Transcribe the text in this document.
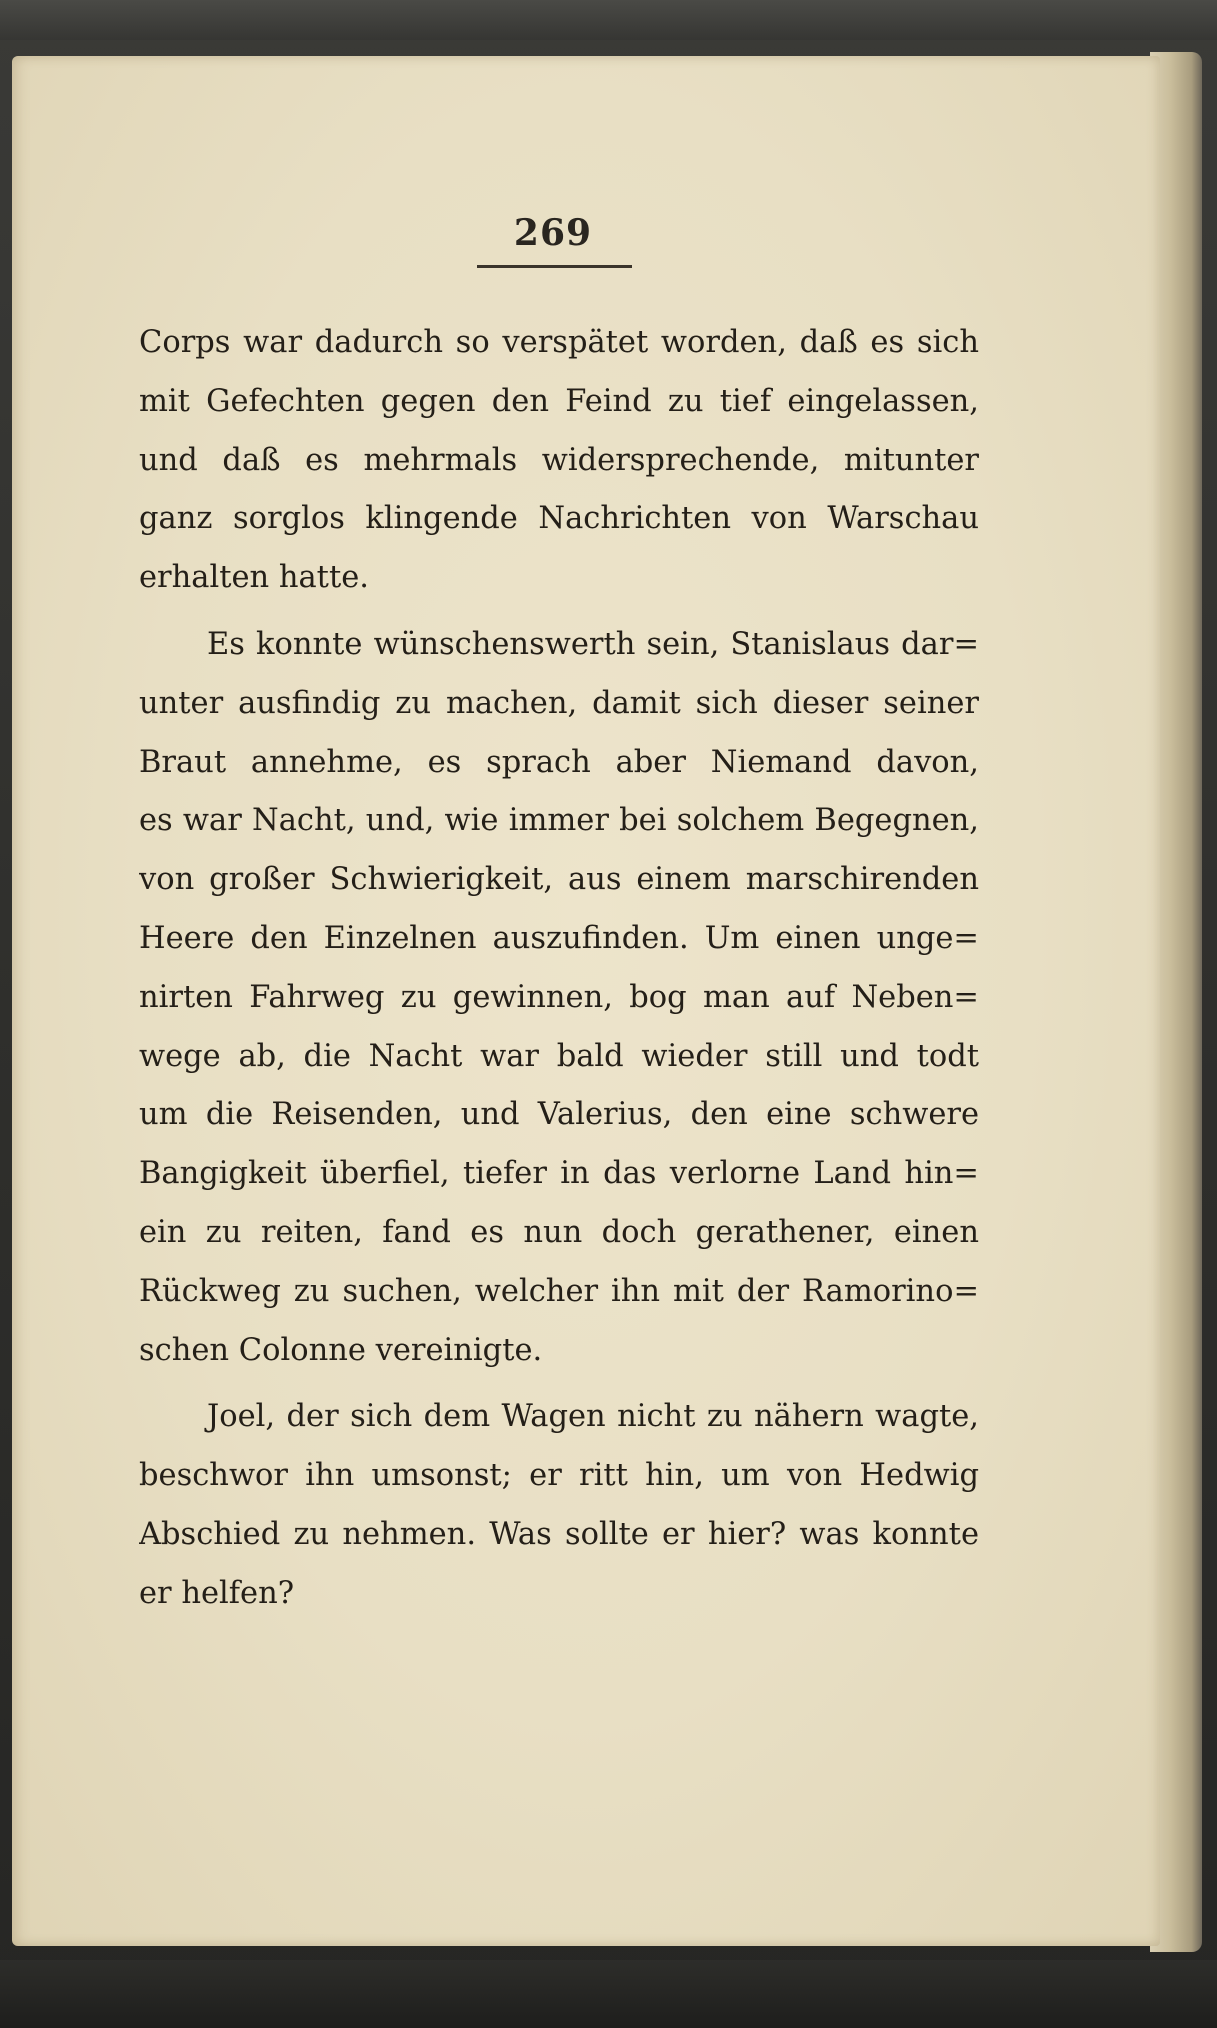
269
Corps war dadurch so verspätet worden, daß es sich
mit Gefechten gegen den Feind zu tief eingelassen,
und daß es mehrmals widersprechende, mitunter
ganz sorglos klingende Nachrichten von Warschau
erhalten hatte.
Es konnte wünschenswerth sein, Stanislaus dar=
unter ausfindig zu machen, damit sich dieser seiner
Braut annehme, es sprach aber Niemand davon,
es war Nacht, und, wie immer bei solchem Begegnen,
von großer Schwierigkeit, aus einem marschirenden
Heere den Einzelnen auszufinden. Um einen unge=
nirten Fahrweg zu gewinnen, bog man auf Neben=
wege ab, die Nacht war bald wieder still und todt
um die Reisenden, und Valerius, den eine schwere
Bangigkeit überfiel, tiefer in das verlorne Land hin=
ein zu reiten, fand es nun doch gerathener, einen
Rückweg zu suchen, welcher ihn mit der Ramorino=
schen Colonne vereinigte.
Joel, der sich dem Wagen nicht zu nähern wagte,
beschwor ihn umsonst; er ritt hin, um von Hedwig
Abschied zu nehmen. Was sollte er hier? was konnte
er helfen?
